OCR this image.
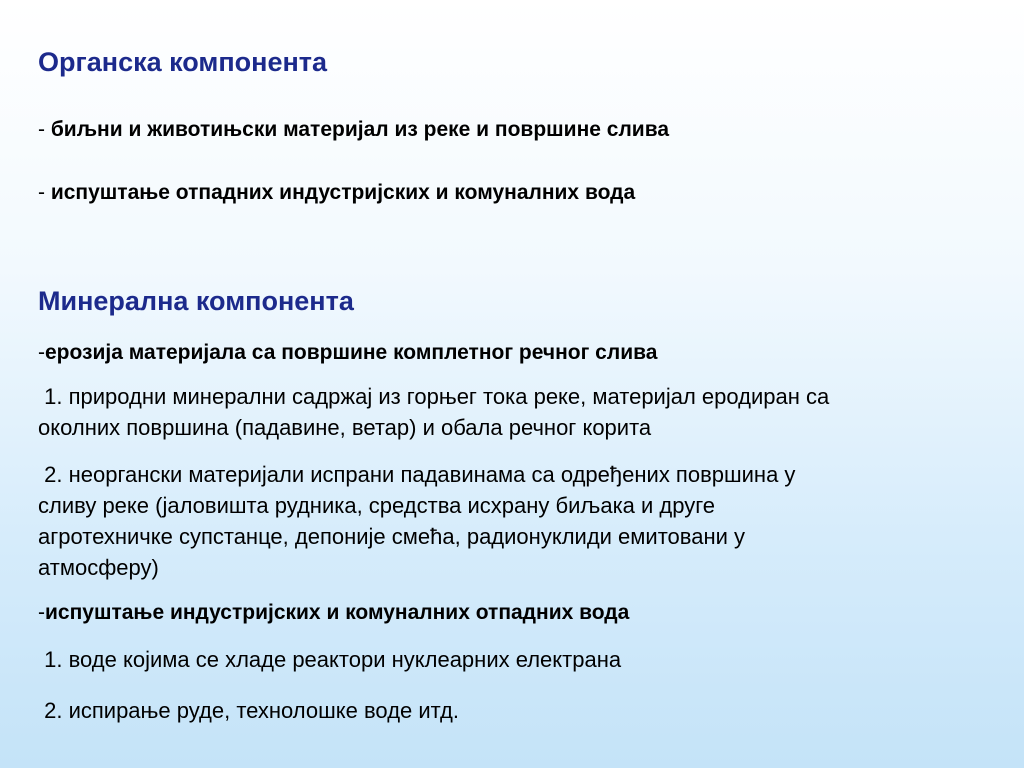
Органска компонента

- биљни и животињски материјал из реке и површине слива

- испуштање отпадних индустријских и комуналних вода

Минерална компонента

-ерозија материјала са површине комплетног речног слива

1. природни минерални садржај из горњег тока реке, материјал еродиран са
околних површина (падавине, ветар) и обала речног корита
2. неоргански материјали испрани падавинама са одређених површина у
сливу реке (јаловишта рудника, средства исхрану биљака и друге
агротехничке супстанце, депоније смећа, радионуклиди емитовани у
атмосферу)

-испуштање индустријских и комуналних отпадних вода

1. воде којима се хладе реактори нуклеарних електрана
2. испирање руде, технолошке воде итд.
